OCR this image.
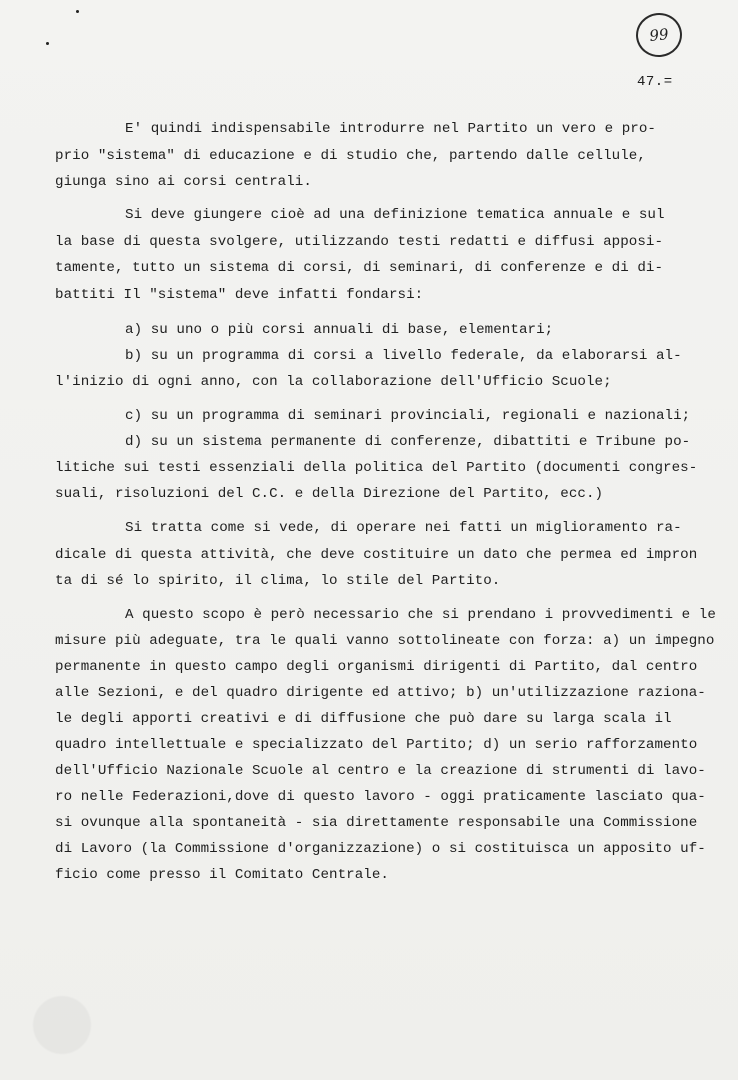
99
47.=
E' quindi indispensabile introdurre nel Partito un vero e pro-
prio "sistema" di educazione e di studio che, partendo dalle cellule,
giunga sino ai corsi centrali.
Si deve giungere cioè ad una definizione tematica annuale e sul
la base di questa svolgere, utilizzando testi redatti e diffusi apposi-
tamente, tutto un sistema di corsi, di seminari, di conferenze e di di-
battiti Il "sistema" deve infatti fondarsi:
a) su uno o più corsi annuali di base, elementari;
b) su un programma di corsi a livello federale, da elaborarsi al-
l'inizio di ogni anno, con la collaborazione dell'Ufficio Scuole;
c) su un programma di seminari provinciali, regionali e nazionali;
d) su un sistema permanente di conferenze, dibattiti e Tribune po-
litiche sui testi essenziali della politica del Partito (documenti congres-
suali, risoluzioni del C.C. e della Direzione del Partito, ecc.)
Si tratta come si vede, di operare nei fatti un miglioramento ra-
dicale di questa attività, che deve costituire un dato che permea ed impron
ta di sé lo spirito, il clima, lo stile del Partito.
A questo scopo è però necessario che si prendano i provvedimenti e le
misure più adeguate, tra le quali vanno sottolineate con forza: a) un impegno
permanente in questo campo degli organismi dirigenti di Partito, dal centro
alle Sezioni, e del quadro dirigente ed attivo; b) un'utilizzazione raziona-
le degli apporti creativi e di diffusione che può dare su larga scala il
quadro intellettuale e specializzato del Partito; d) un serio rafforzamento
dell'Ufficio Nazionale Scuole al centro e la creazione di strumenti di lavo-
ro nelle Federazioni,dove di questo lavoro - oggi praticamente lasciato qua-
si ovunque alla spontaneità - sia direttamente responsabile una Commissione
di Lavoro (la Commissione d'organizzazione) o si costituisca un apposito uf-
ficio come presso il Comitato Centrale.
